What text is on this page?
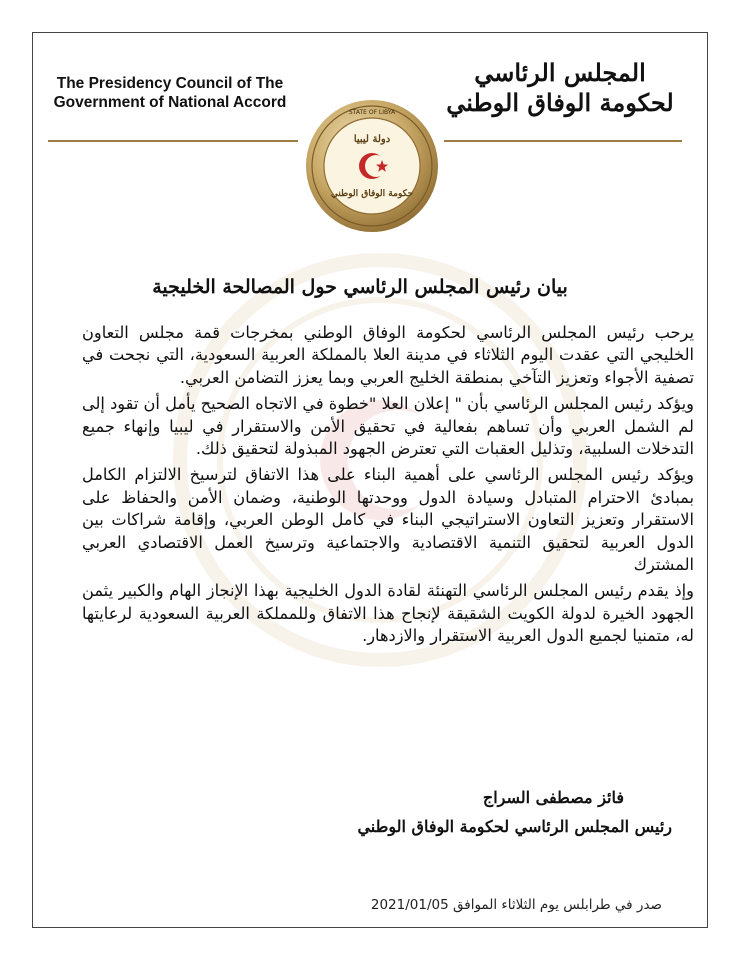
The Presidency Council of The Government of National Accord
المجلس الرئاسي
لحكومة الوفاق الوطني
STATE OF LIBYA
دولة ليبيا
حكومة الوفاق الوطني
بيان رئيس المجلس الرئاسي حول المصالحة الخليجية

يرحب رئيس المجلس الرئاسي لحكومة الوفاق الوطني بمخرجات قمة مجلس التعاون الخليجي التي عقدت اليوم الثلاثاء في مدينة العلا بالمملكة العربية السعودية، التي نجحت في تصفية الأجواء وتعزيز التآخي بمنطقة الخليج العربي وبما يعزز التضامن العربي.

ويؤكد رئيس المجلس الرئاسي بأن " إعلان العلا "خطوة في الاتجاه الصحيح يأمل أن تقود إلى لم الشمل العربي وأن تساهم بفعالية في تحقيق الأمن والاستقرار في ليبيا وإنهاء جميع التدخلات السلبية، وتذليل العقبات التي تعترض الجهود المبذولة لتحقيق ذلك.

ويؤكد رئيس المجلس الرئاسي على أهمية البناء على هذا الاتفاق لترسيخ الالتزام الكامل بمبادئ الاحترام المتبادل وسيادة الدول ووحدتها الوطنية، وضمان الأمن والحفاظ على الاستقرار وتعزيز التعاون الاستراتيجي البناء في كامل الوطن العربي، وإقامة شراكات بين الدول العربية لتحقيق التنمية الاقتصادية والاجتماعية وترسيخ العمل الاقتصادي العربي المشترك

وإذ يقدم رئيس المجلس الرئاسي التهنئة لقادة الدول الخليجية بهذا الإنجاز الهام والكبير يثمن الجهود الخيرة لدولة الكويت الشقيقة لإنجاح هذا الاتفاق وللمملكة العربية السعودية لرعايتها له، متمنيا لجميع الدول العربية الاستقرار والازدهار.

فائز مصطفى السراج
رئيس المجلس الرئاسي لحكومة الوفاق الوطني
صدر في طرابلس يوم الثلاثاء الموافق 2021/01/05
